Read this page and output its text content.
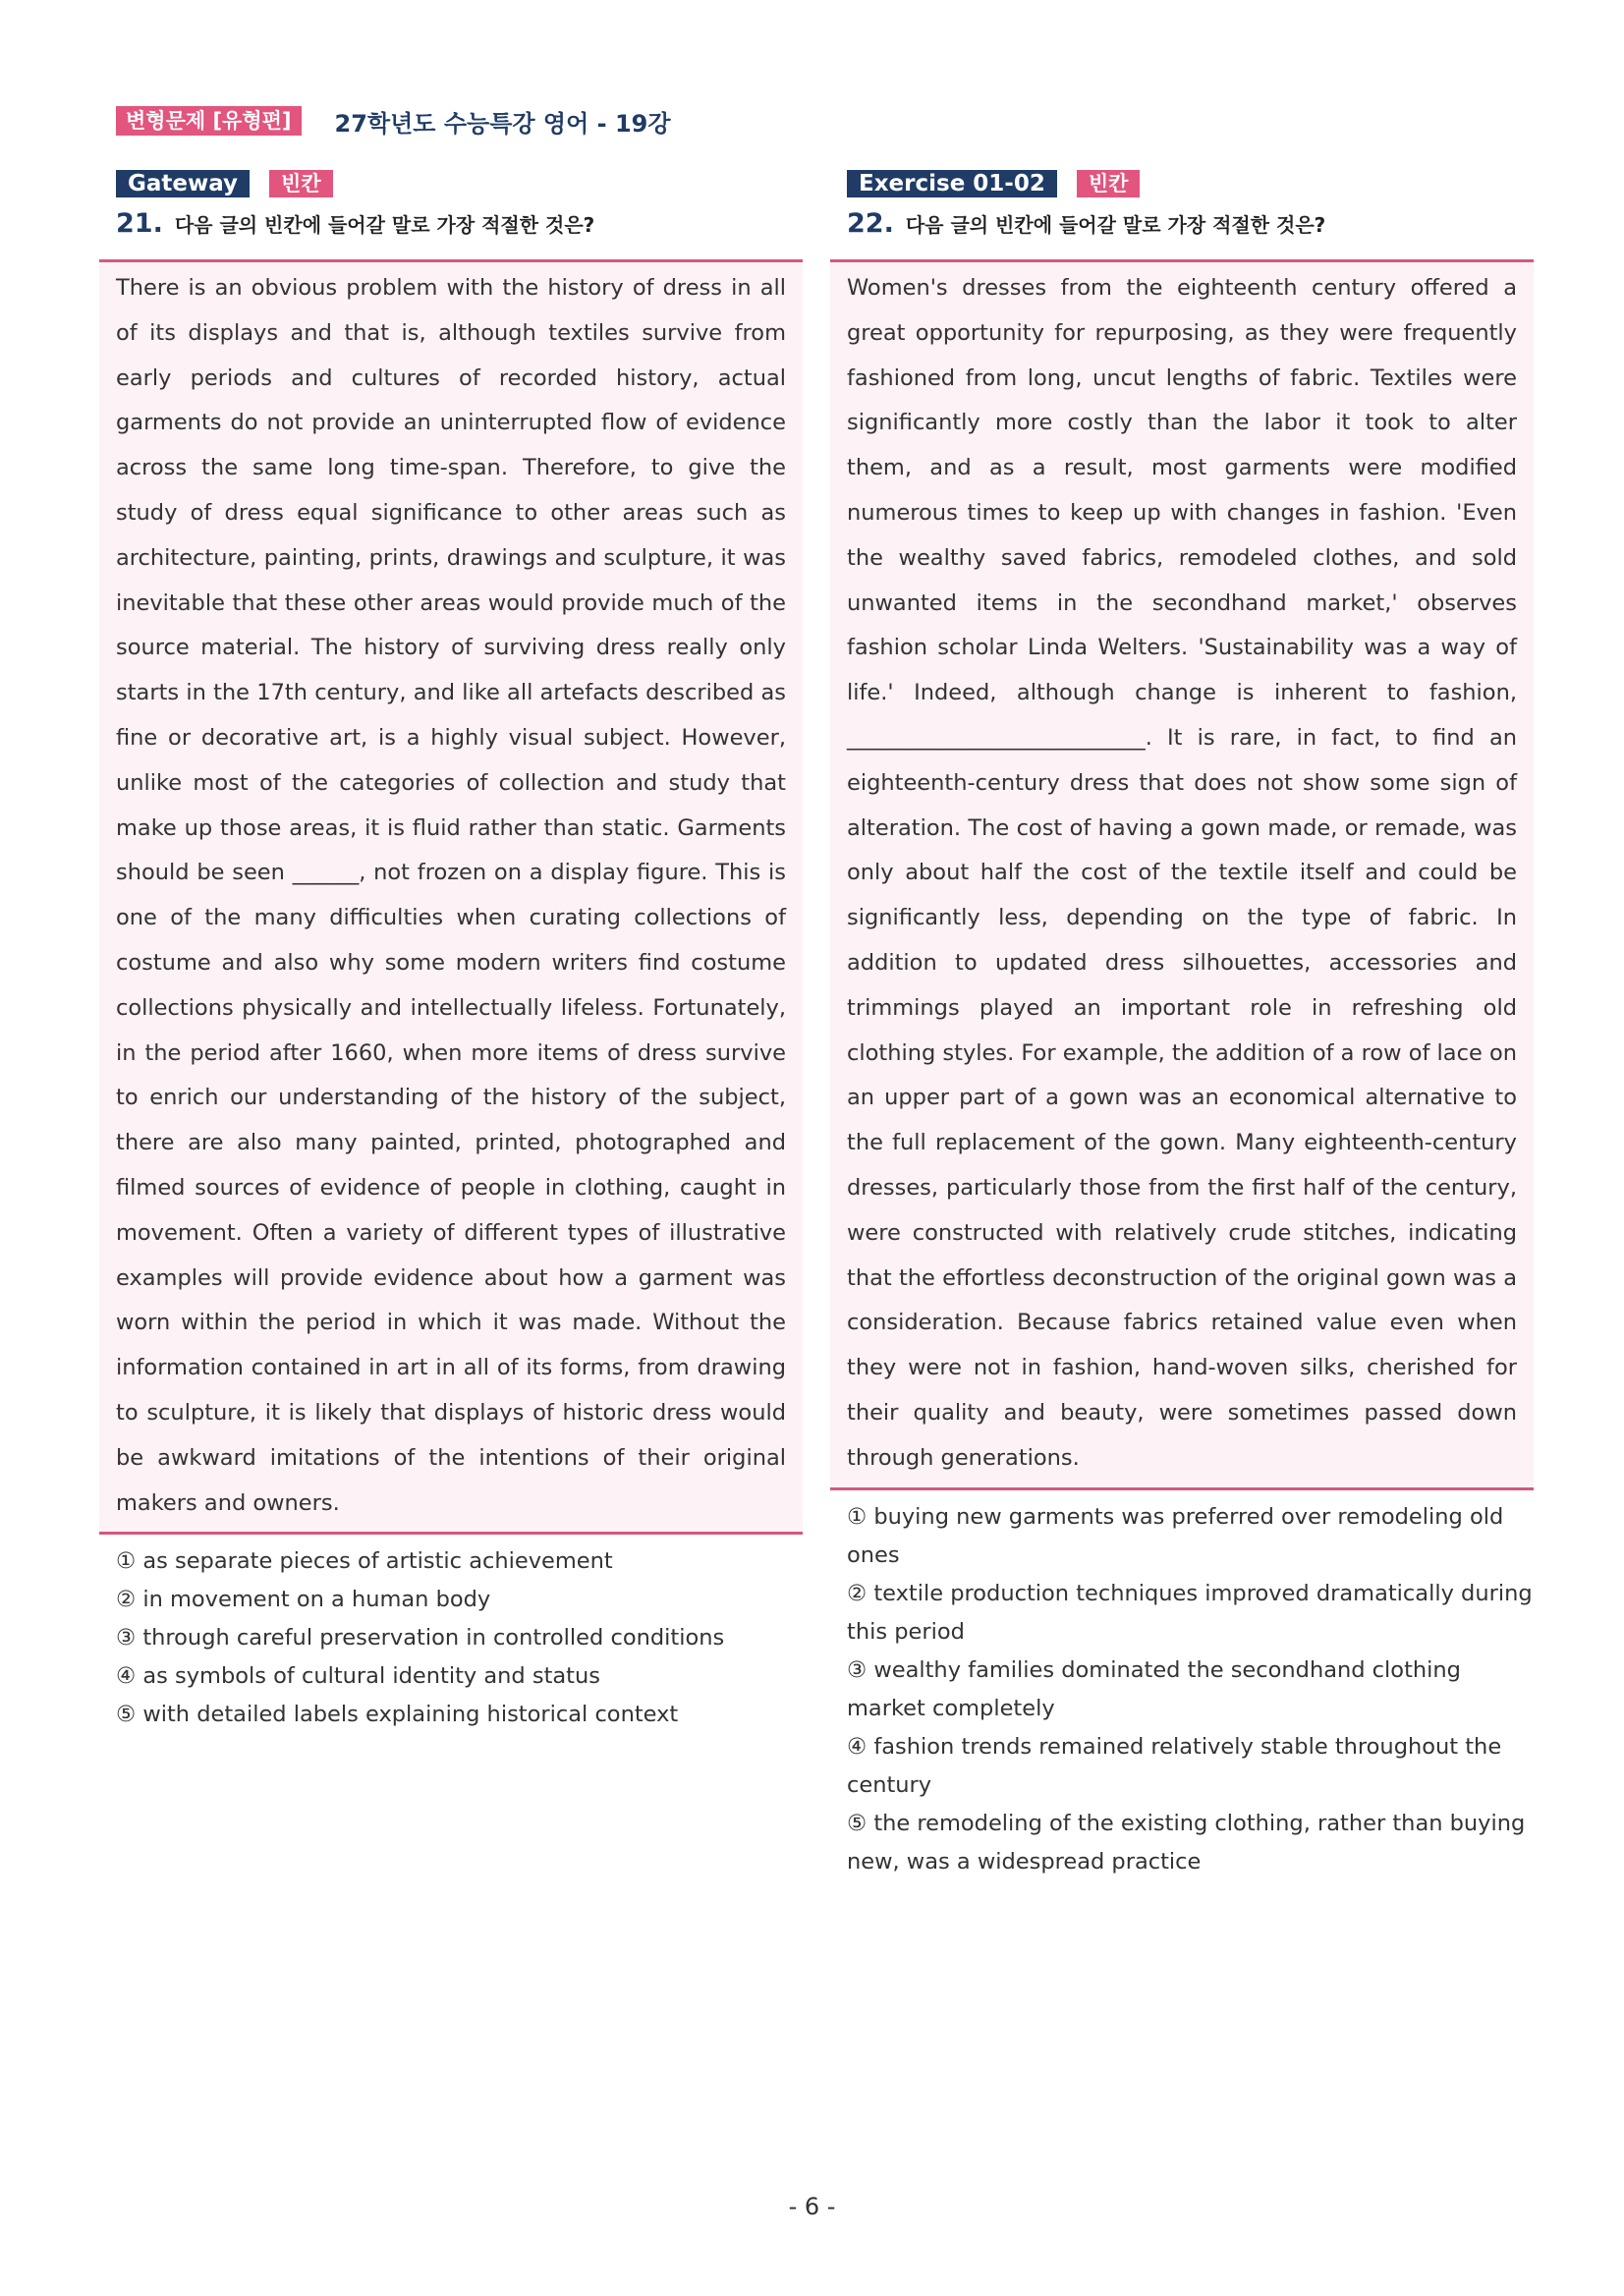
변형문제 [유형편]	27학년도 수능특강 영어 - 19강
Gateway	빈칸
21. 다음 글의 빈칸에 들어갈 말로 가장 적절한 것은?
There is an obvious problem with the history of dress in all of its displays and that is, although textiles survive from early periods and cultures of recorded history, actual garments do not provide an uninterrupted flow of evidence across the same long time-span. Therefore, to give the study of dress equal significance to other areas such as architecture, painting, prints, drawings and sculpture, it was inevitable that these other areas would provide much of the source material. The history of surviving dress really only starts in the 17th century, and like all artefacts described as fine or decorative art, is a highly visual subject. However, unlike most of the categories of collection and study that make up those areas, it is fluid rather than static. Garments should be seen ______, not frozen on a display figure. This is one of the many difficulties when curating collections of costume and also why some modern writers find costume collections physically and intellectually lifeless. Fortunately, in the period after 1660, when more items of dress survive to enrich our understanding of the history of the subject, there are also many painted, printed, photographed and filmed sources of evidence of people in clothing, caught in movement. Often a variety of different types of illustrative examples will provide evidence about how a garment was worn within the period in which it was made. Without the information contained in art in all of its forms, from drawing to sculpture, it is likely that displays of historic dress would be awkward imitations of the intentions of their original makers and owners.
① as separate pieces of artistic achievement
② in movement on a human body
③ through careful preservation in controlled conditions
④ as symbols of cultural identity and status
⑤ with detailed labels explaining historical context
Exercise 01-02	빈칸
22. 다음 글의 빈칸에 들어갈 말로 가장 적절한 것은?
Women's dresses from the eighteenth century offered a great opportunity for repurposing, as they were frequently fashioned from long, uncut lengths of fabric. Textiles were significantly more costly than the labor it took to alter them, and as a result, most garments were modified numerous times to keep up with changes in fashion. 'Even the wealthy saved fabrics, remodeled clothes, and sold unwanted items in the secondhand market,' observes fashion scholar Linda Welters. 'Sustainability was a way of life.' Indeed, although change is inherent to fashion, ___________________________. It is rare, in fact, to find an eighteenth-century dress that does not show some sign of alteration. The cost of having a gown made, or remade, was only about half the cost of the textile itself and could be significantly less, depending on the type of fabric. In addition to updated dress silhouettes, accessories and trimmings played an important role in refreshing old clothing styles. For example, the addition of a row of lace on an upper part of a gown was an economical alternative to the full replacement of the gown. Many eighteenth-century dresses, particularly those from the first half of the century, were constructed with relatively crude stitches, indicating that the effortless deconstruction of the original gown was a consideration. Because fabrics retained value even when they were not in fashion, hand-woven silks, cherished for their quality and beauty, were sometimes passed down through generations.
① buying new garments was preferred over remodeling old ones
② textile production techniques improved dramatically during this period
③ wealthy families dominated the secondhand clothing market completely
④ fashion trends remained relatively stable throughout the century
⑤ the remodeling of the existing clothing, rather than buying new, was a widespread practice
- 6 -
